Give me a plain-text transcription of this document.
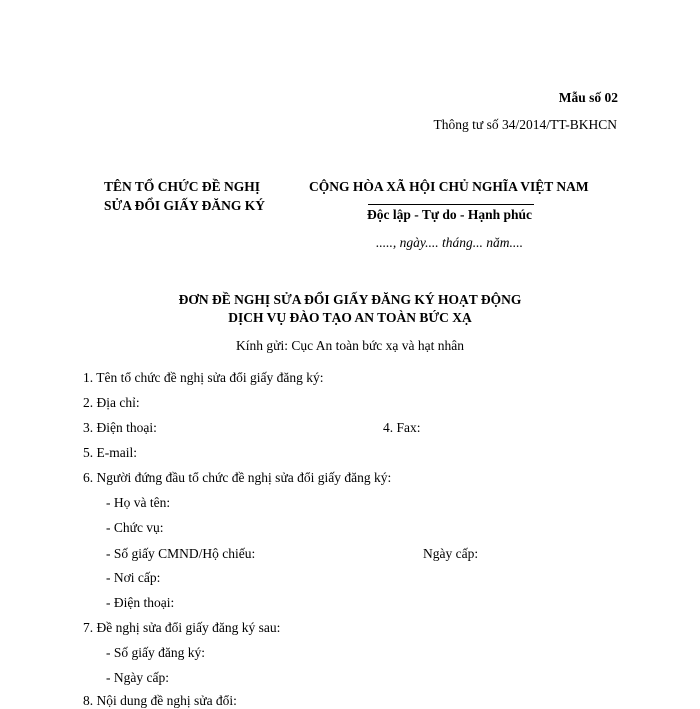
Mẫu số 02
Thông tư số 34/2014/TT-BKHCN
TÊN TỔ CHỨC ĐỀ NGHỊ
SỬA ĐỔI GIẤY ĐĂNG KÝ
CỘNG HÒA XÃ HỘI CHỦ NGHĨA VIỆT NAM
Độc lập - Tự do - Hạnh phúc
....., ngày.... tháng... năm....
ĐƠN ĐỀ NGHỊ SỬA ĐỔI GIẤY ĐĂNG KÝ HOẠT ĐỘNG
DỊCH VỤ ĐÀO TẠO AN TOÀN BỨC XẠ
Kính gửi: Cục An toàn bức xạ và hạt nhân
1. Tên tổ chức đề nghị sửa đổi giấy đăng ký:
2. Địa chỉ:
3. Điện thoại:	4. Fax:
5. E-mail:
6. Người đứng đầu tổ chức đề nghị sửa đổi giấy đăng ký:
- Họ và tên:
- Chức vụ:
- Số giấy CMND/Hộ chiếu:	Ngày cấp:
- Nơi cấp:
- Điện thoại:
7. Đề nghị sửa đổi giấy đăng ký sau:
- Số giấy đăng ký:
- Ngày cấp:
8. Nội dung đề nghị sửa đổi:
